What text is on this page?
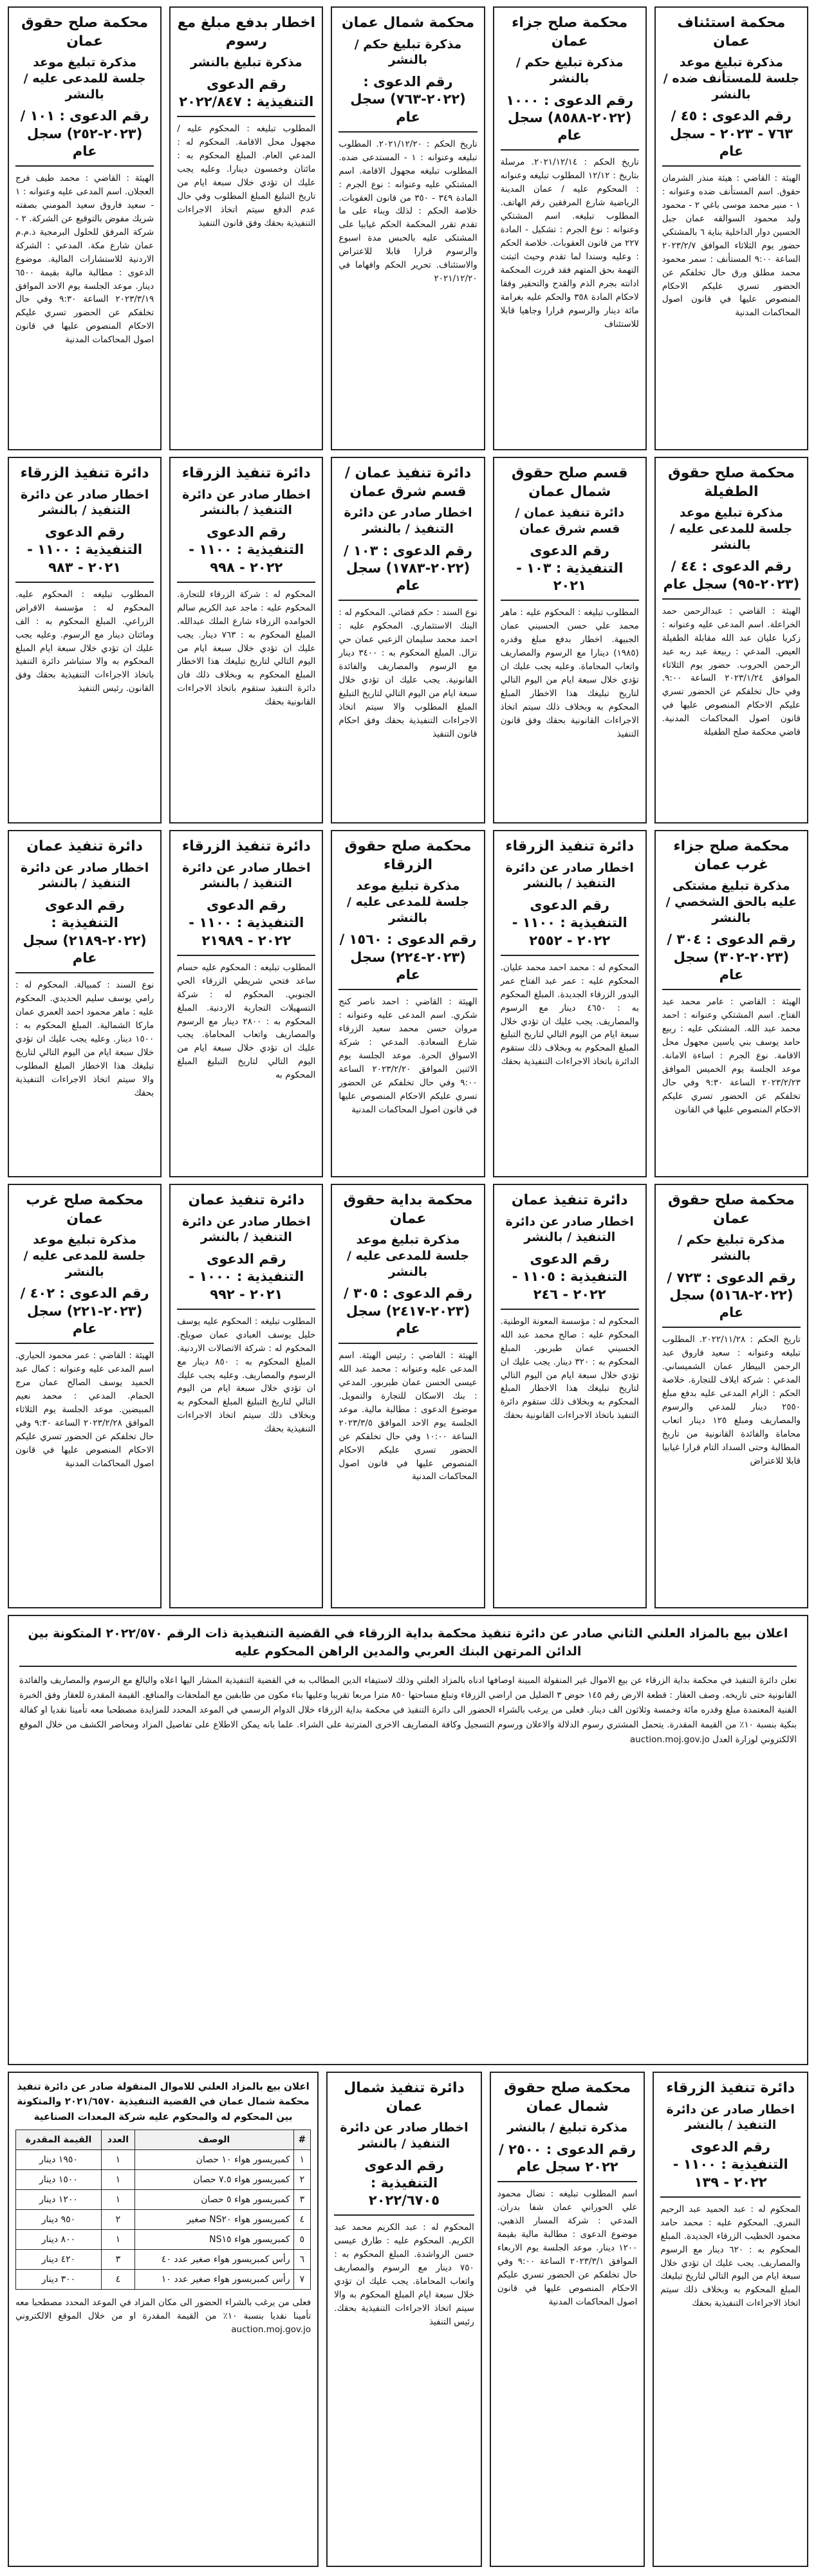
محكمة استئناف عمان
مذكرة تبليغ موعد جلسة للمستأنف ضده / بالنشر
رقم الدعوى : ٤٥ / ٧٦٣ - ٢٠٢٣ - سجل عام
الهيئة : القاضي : هيئة منذر الشرمان حقوق. اسم المستأنف ضده وعنوانه : ١ - منير محمد موسى باغي ٢ - محمود وليد محمود السوالقه عمان جبل الحسين دوار الداخلية بناية ٦ بالمشتكي حضور يوم الثلاثاء الموافق ٢٠٢٣/٢/٧ الساعة ٩:٠٠ المستأنف : سمر محمود محمد مطلق ورق حال تخلفكم عن الحضور تسري عليكم الاحكام المنصوص عليها في قانون اصول المحاكمات المدنية
محكمة صلح جزاء عمان
مذكرة تبليغ حكم / بالنشر
رقم الدعوى : ١٠٠٠ (٢٠٢٢-٨٥٨٨) سجل عام
تاريخ الحكم : ٢٠٢١/١٢/١٤. مرسلة بتاريخ : ١٢/١٢ المطلوب تبليغه وعنوانه : المحكوم عليه / عمان المدينة الرياضية شارع المرفقين رقم الهاتف. المطلوب تبليغه. اسم المشتكي وعنوانه : نوع الجرم : تشكيل - المادة ٢٢٧ من قانون العقوبات. خلاصة الحكم : وعليه وسندا لما تقدم وحيث اثبتت التهمة بحق المتهم فقد قررت المحكمة ادانته بجرم الذم والقدح والتحقير وفقا لاحكام المادة ٣٥٨ والحكم عليه بغرامة مائة دينار والرسوم قرارا وجاهيا قابلا للاستئناف
محكمة شمال عمان
مذكرة تبليغ حكم / بالنشر
رقم الدعوى : (٢٠٢٢-٧٦٣) سجل عام
تاريخ الحكم : ٢٠٢١/١٢/٢٠. المطلوب تبليغه وعنوانه : ١ - المستدعى ضده. المطلوب تبليغه مجهول الاقامة. اسم المشتكي عليه وعنوانه : نوع الجرم : المادة ٣٤٩ - ٣٥٠ من قانون العقوبات. خلاصة الحكم : لذلك وبناء على ما تقدم تقرر المحكمة الحكم غيابيا على المشتكى عليه بالحبس مدة اسبوع والرسوم قرارا قابلا للاعتراض والاستئناف. تحرير الحكم وافهاما في ٢٠٢١/١٢/٢٠
اخطار بدفع مبلغ مع رسوم
مذكرة تبليغ بالنشر
رقم الدعوى التنفيذية : ٢٠٢٢/٨٤٧
المطلوب تبليغه : المحكوم عليه / مجهول محل الاقامة. المحكوم له : المدعي العام. المبلغ المحكوم به : مائتان وخمسون دينارا. وعليه يجب عليك ان تؤدي خلال سبعة ايام من تاريخ التبليغ المبلغ المطلوب وفي حال عدم الدفع سيتم اتخاذ الاجراءات التنفيذية بحقك وفق قانون التنفيذ
محكمة صلح حقوق عمان
مذكرة تبليغ موعد جلسة للمدعى عليه / بالنشر
رقم الدعوى : ١٠١ / (٢٠٢٣-٢٥٢) سجل عام
الهيئة : القاضي : محمد طيف فرج العجلان. اسم المدعى عليه وعنوانه : ١ - سعيد فاروق سعيد المومني بصفته شريك مفوض بالتوقيع عن الشركة. ٢ - شركة المرفق للحلول البرمجية ذ.م.م عمان شارع مكة. المدعي : الشركة الاردنية للاستشارات المالية. موضوع الدعوى : مطالبة مالية بقيمة ٦٥٠٠ دينار. موعد الجلسة يوم الاحد الموافق ٢٠٢٣/٣/١٩ الساعة ٩:٣٠ وفي حال تخلفكم عن الحضور تسري عليكم الاحكام المنصوص عليها في قانون اصول المحاكمات المدنية
محكمة صلح حقوق الطفيلة
مذكرة تبليغ موعد جلسة للمدعى عليه / بالنشر
رقم الدعوى : ٤٤ / (٢٠٢٣-٩٥) سجل عام
الهيئة : القاضي : عبدالرحمن حمد الخراعلة. اسم المدعى عليه وعنوانه : زكريا عليان عبد الله مقابلة الطفيلة العيص. المدعي : ربيعة عبد ربه عبد الرحمن الحروب. حضور يوم الثلاثاء الموافق ٢٠٢٣/١/٢٤ الساعة ٩:٠٠. وفي حال تخلفكم عن الحضور تسري عليكم الاحكام المنصوص عليها في قانون اصول المحاكمات المدنية. قاضي محكمة صلح الطفيلة
قسم صلح حقوق شمال عمان
دائرة تنفيذ عمان / قسم شرق عمان
رقم الدعوى التنفيذية : ١٠٣ - ٢٠٢١
المطلوب تبليغه : المحكوم عليه : ماهر محمد علي حسن الحسيني عمان الجبيهة. اخطار بدفع مبلغ وقدره (١٩٨٥) دينارا مع الرسوم والمصاريف واتعاب المحاماة. وعليه يجب عليك ان تؤدي خلال سبعة ايام من اليوم التالي لتاريخ تبليغك هذا الاخطار المبلغ المحكوم به وبخلاف ذلك سيتم اتخاذ الاجراءات القانونية بحقك وفق قانون التنفيذ
دائرة تنفيذ عمان / قسم شرق عمان
اخطار صادر عن دائرة التنفيذ / بالنشر
رقم الدعوى : ١٠٣ / (٢٠٢٢-١٧٨٣) سجل عام
نوع السند : حكم قضائي. المحكوم له : البنك الاستثماري. المحكوم عليه : احمد محمد سليمان الزعبي عمان حي نزال. المبلغ المحكوم به : ٣٤٠٠ دينار مع الرسوم والمصاريف والفائدة القانونية. يجب عليك ان تؤدي خلال سبعة ايام من اليوم التالي لتاريخ التبليغ المبلغ المطلوب والا سيتم اتخاذ الاجراءات التنفيذية بحقك وفق احكام قانون التنفيذ
دائرة تنفيذ الزرقاء
اخطار صادر عن دائرة التنفيذ / بالنشر
رقم الدعوى التنفيذية : ١١٠٠ - ٢٠٢٢ - ٩٩٨
المحكوم له : شركة الزرقاء للتجارة. المحكوم عليه : ماجد عبد الكريم سالم الحوامده الزرقاء شارع الملك عبدالله. المبلغ المحكوم به : ٧٦٣ دينار. يجب عليك ان تؤدي خلال سبعة ايام من اليوم التالي لتاريخ تبليغك هذا الاخطار المبلغ المحكوم به وبخلاف ذلك فان دائرة التنفيذ ستقوم باتخاذ الاجراءات القانونية بحقك
دائرة تنفيذ الزرقاء
اخطار صادر عن دائرة التنفيذ / بالنشر
رقم الدعوى التنفيذية : ١١٠٠ - ٢٠٢١ - ٩٨٣
المطلوب تبليغه : المحكوم عليه. المحكوم له : مؤسسة الاقراض الزراعي. المبلغ المحكوم به : الف ومائتان دينار مع الرسوم. وعليه يجب عليك ان تؤدي خلال سبعة ايام المبلغ المحكوم به والا ستباشر دائرة التنفيذ باتخاذ الاجراءات التنفيذية بحقك وفق القانون. رئيس التنفيذ
محكمة صلح جزاء غرب عمان
مذكرة تبليغ مشتكى عليه بالحق الشخصي / بالنشر
رقم الدعوى : ٣٠٤ / (٢٠٢٣-٣٠٢) سجل عام
الهيئة : القاضي : عامر محمد عبد الفتاح. اسم المشتكي وعنوانه : احمد محمد عبد الله. المشتكى عليه : ربيع حامد يوسف بني ياسين مجهول محل الاقامة. نوع الجرم : اساءة الامانة. موعد الجلسة يوم الخميس الموافق ٢٠٢٣/٢/٢٣ الساعة ٩:٣٠ وفي حال تخلفكم عن الحضور تسري عليكم الاحكام المنصوص عليها في القانون
دائرة تنفيذ الزرقاء
اخطار صادر عن دائرة التنفيذ / بالنشر
رقم الدعوى التنفيذية : ١١٠٠ - ٢٠٢٢ - ٢٥٥٢
المحكوم له : محمد احمد محمد عليان. المحكوم عليه : عمر عبد الفتاح عمر البدور الزرقاء الجديدة. المبلغ المحكوم به : ٤٦٥٠ دينار مع الرسوم والمصاريف. يجب عليك ان تؤدي خلال سبعة ايام من اليوم التالي لتاريخ التبليغ المبلغ المحكوم به وبخلاف ذلك ستقوم الدائرة باتخاذ الاجراءات التنفيذية بحقك
محكمة صلح حقوق الزرقاء
مذكرة تبليغ موعد جلسة للمدعى عليه / بالنشر
رقم الدعوى : ١٥٦٠ / (٢٠٢٣-٢٢٤) سجل عام
الهيئة : القاضي : احمد ناصر كنج شكري. اسم المدعى عليه وعنوانه : مروان حسن محمد سعيد الزرقاء شارع السعادة. المدعي : شركة الاسواق الحرة. موعد الجلسة يوم الاثنين الموافق ٢٠٢٣/٢/٢٠ الساعة ٩:٠٠ وفي حال تخلفكم عن الحضور تسري عليكم الاحكام المنصوص عليها في قانون اصول المحاكمات المدنية
دائرة تنفيذ الزرقاء
اخطار صادر عن دائرة التنفيذ / بالنشر
رقم الدعوى التنفيذية : ١١٠٠ - ٢٠٢٢ - ٢١٩٨٩
المطلوب تبليغه : المحكوم عليه حسام ساعد فتحي شريطي الزرقاء الحي الجنوبي. المحكوم له : شركة التسهيلات التجارية الاردنية. المبلغ المحكوم به : ٢٨٠٠ دينار مع الرسوم والمصاريف واتعاب المحاماة. يجب عليك ان تؤدي خلال سبعة ايام من اليوم التالي لتاريخ التبليغ المبلغ المحكوم به
دائرة تنفيذ عمان
اخطار صادر عن دائرة التنفيذ / بالنشر
رقم الدعوى التنفيذية : (٢٠٢٢-٢١٨٩) سجل عام
نوع السند : كمبيالة. المحكوم له : رامي يوسف سليم الحديدي. المحكوم عليه : ماهر محمود احمد العمري عمان ماركا الشمالية. المبلغ المحكوم به : ١٥٠٠ دينار. وعليه يجب عليك ان تؤدي خلال سبعة ايام من اليوم التالي لتاريخ تبليغك هذا الاخطار المبلغ المطلوب والا سيتم اتخاذ الاجراءات التنفيذية بحقك
محكمة صلح حقوق عمان
مذكرة تبليغ حكم / بالنشر
رقم الدعوى : ٧٢٣ / (٢٠٢٢-٥١٦٨) سجل عام
تاريخ الحكم : ٢٠٢٢/١١/٢٨. المطلوب تبليغه وعنوانه : سعيد فاروق عبد الرحمن البيطار عمان الشميساني. المدعي : شركة ايلاف للتجارة. خلاصة الحكم : الزام المدعى عليه بدفع مبلغ ٢٥٥٠ دينار للمدعي والرسوم والمصاريف ومبلغ ١٢٥ دينار اتعاب محاماة والفائدة القانونية من تاريخ المطالبة وحتى السداد التام قرارا غيابيا قابلا للاعتراض
دائرة تنفيذ عمان
اخطار صادر عن دائرة التنفيذ / بالنشر
رقم الدعوى التنفيذية : ١١٠٥ - ٢٠٢٢ - ٢٤٦
المحكوم له : مؤسسة المعونة الوطنية. المحكوم عليه : صالح محمد عبد الله الحسيني عمان طبربور. المبلغ المحكوم به : ٣٢٠ دينار. يجب عليك ان تؤدي خلال سبعة ايام من اليوم التالي لتاريخ تبليغك هذا الاخطار المبلغ المحكوم به وبخلاف ذلك ستقوم دائرة التنفيذ باتخاذ الاجراءات القانونية بحقك
محكمة بداية حقوق عمان
مذكرة تبليغ موعد جلسة للمدعى عليه / بالنشر
رقم الدعوى : ٣٠٥ / (٢٠٢٣-٢٤١٧) سجل عام
الهيئة : القاضي : رئيس الهيئة. اسم المدعى عليه وعنوانه : محمد عبد الله عيسى الحسن عمان طبربور. المدعي : بنك الاسكان للتجارة والتمويل. موضوع الدعوى : مطالبة مالية. موعد الجلسة يوم الاحد الموافق ٢٠٢٣/٣/٥ الساعة ١٠:٠٠ وفي حال تخلفكم عن الحضور تسري عليكم الاحكام المنصوص عليها في قانون اصول المحاكمات المدنية
دائرة تنفيذ عمان
اخطار صادر عن دائرة التنفيذ / بالنشر
رقم الدعوى التنفيذية : ١٠٠٠ - ٢٠٢١ - ٩٩٢
المطلوب تبليغه : المحكوم عليه يوسف خليل يوسف العبادي عمان صويلح. المحكوم له : شركة الاتصالات الاردنية. المبلغ المحكوم به : ٨٥٠ دينار مع الرسوم والمصاريف. وعليه يجب عليك ان تؤدي خلال سبعة ايام من اليوم التالي لتاريخ التبليغ المبلغ المحكوم به وبخلاف ذلك سيتم اتخاذ الاجراءات التنفيذية بحقك
محكمة صلح غرب عمان
مذكرة تبليغ موعد جلسة للمدعى عليه / بالنشر
رقم الدعوى : ٤٠٢ / (٢٠٢٣-٢٢١) سجل عام
الهيئة : القاضي : عمر محمود الحياري. اسم المدعى عليه وعنوانه : كمال عبد الحميد يوسف الصالح عمان مرج الحمام. المدعي : محمد نعيم المبيضين. موعد الجلسة يوم الثلاثاء الموافق ٢٠٢٣/٢/٢٨ الساعة ٩:٣٠ وفي حال تخلفكم عن الحضور تسري عليكم الاحكام المنصوص عليها في قانون اصول المحاكمات المدنية
اعلان بيع بالمزاد العلني الثاني صادر عن دائرة تنفيذ محكمة بداية الزرقاء في القضية التنفيذية ذات الرقم ٢٠٢٢/٥٧٠ المتكونة بين الدائن المرتهن البنك العربي والمدين الراهن المحكوم عليه
تعلن دائرة التنفيذ في محكمة بداية الزرقاء عن بيع الاموال غير المنقولة المبينة اوصافها ادناه بالمزاد العلني وذلك لاستيفاء الدين المطالب به في القضية التنفيذية المشار اليها اعلاه والبالغ مع الرسوم والمصاريف والفائدة القانونية حتى تاريخه. وصف العقار : قطعة الارض رقم ١٤٥ حوض ٣ الضليل من اراضي الزرقاء وتبلغ مساحتها ٨٥٠ مترا مربعا تقريبا وعليها بناء مكون من طابقين مع الملحقات والمنافع. القيمة المقدرة للعقار وفق الخبرة الفنية المعتمدة مبلغ وقدره مائة وخمسة وثلاثون الف دينار. فعلى من يرغب بالشراء الحضور الى دائرة التنفيذ في محكمة بداية الزرقاء خلال الدوام الرسمي في الموعد المحدد للمزايدة مصطحبا معه تأمينا نقديا او كفالة بنكية بنسبة ١٠٪ من القيمة المقدرة. يتحمل المشتري رسوم الدلالة والاعلان ورسوم التسجيل وكافة المصاريف الاخرى المترتبة على الشراء. علما بانه يمكن الاطلاع على تفاصيل المزاد ومحاضر الكشف من خلال الموقع الالكتروني لوزارة العدل auction.moj.gov.jo
دائرة تنفيذ الزرقاء
اخطار صادر عن دائرة التنفيذ / بالنشر
رقم الدعوى التنفيذية : ١١٠٠ - ٢٠٢٢ - ١٣٩
المحكوم له : عبد الحميد عبد الرحيم النمري. المحكوم عليه : محمد حامد محمود الخطيب الزرقاء الجديدة. المبلغ المحكوم به : ٦٢٠ دينار مع الرسوم والمصاريف. يجب عليك ان تؤدي خلال سبعة ايام من اليوم التالي لتاريخ تبليغك المبلغ المحكوم به وبخلاف ذلك سيتم اتخاذ الاجراءات التنفيذية بحقك
محكمة صلح حقوق شمال عمان
مذكرة تبليغ / بالنشر
رقم الدعوى : ٢٥٠٠ / ٢٠٢٢ سجل عام
اسم المطلوب تبليغه : نضال محمود علي الحوراني عمان شفا بدران. المدعي : شركة المسار الذهبي. موضوع الدعوى : مطالبة مالية بقيمة ١٢٠٠ دينار. موعد الجلسة يوم الاربعاء الموافق ٢٠٢٣/٣/١ الساعة ٩:٠٠ وفي حال تخلفكم عن الحضور تسري عليكم الاحكام المنصوص عليها في قانون اصول المحاكمات المدنية
دائرة تنفيذ شمال عمان
اخطار صادر عن دائرة التنفيذ / بالنشر
رقم الدعوى التنفيذية : ٢٠٢٢/٦٧٠٥
المحكوم له : عبد الكريم محمد عبد الكريم. المحكوم عليه : طارق عيسى حسن الرواشدة. المبلغ المحكوم به : ٧٥٠ دينار مع الرسوم والمصاريف واتعاب المحاماة. يجب عليك ان تؤدي خلال سبعة ايام المبلغ المحكوم به والا سيتم اتخاذ الاجراءات التنفيذية بحقك. رئيس التنفيذ
اعلان بيع بالمزاد العلني للاموال المنقولة صادر عن دائرة تنفيذ محكمة شمال عمان في القضية التنفيذية ٢٠٢١/٦٥٧٠ والمتكونة بين المحكوم له والمحكوم عليه شركة المعدات الصناعية
#	الوصف	العدد	القيمة المقدرة
١	كمبريسور هواء ١٠ حصان	١	١٩٥٠ دينار
٢	كمبريسور هواء ٧.٥ حصان	١	١٥٠٠ دينار
٣	كمبريسور هواء ٥ حصان	١	١٢٠٠ دينار
٤	كمبريسور هواء NS٢٠ صغير	٢	٩٥٠ دينار
٥	كمبريسور هواء NS١٥	١	٨٠٠ دينار
٦	رأس كمبريسور هواء صغير عدد ٤٠	٣	٤٢٠ دينار
٧	رأس كمبريسور هواء صغير عدد ١٠	٤	٣٠٠ دينار
فعلى من يرغب بالشراء الحضور الى مكان المزاد في الموعد المحدد مصطحبا معه تأمينا نقديا بنسبة ١٠٪ من القيمة المقدرة او من خلال الموقع الالكتروني auction.moj.gov.jo
